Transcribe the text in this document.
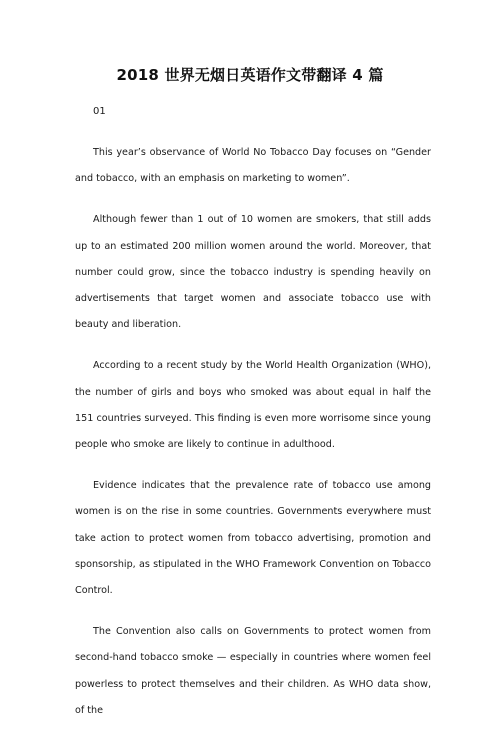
2018 世界无烟日英语作文带翻译 4 篇
01

This year’s observance of World No Tobacco Day focuses on “Gender and tobacco, with an emphasis on marketing to women”.

Although fewer than 1 out of 10 women are smokers, that still adds up to an estimated 200 million women around the world. Moreover, that number could grow, since the tobacco industry is spending heavily on advertisements that target women and associate tobacco use with beauty and liberation.

According to a recent study by the World Health Organization (WHO), the number of girls and boys who smoked was about equal in half the 151 countries surveyed. This finding is even more worrisome since young people who smoke are likely to continue in adulthood.

Evidence indicates that the prevalence rate of tobacco use among women is on the rise in some countries. Governments everywhere must take action to protect women from tobacco advertising, promotion and sponsorship, as stipulated in the WHO Framework Convention on Tobacco Control.

The Convention also calls on Governments to protect women from second-hand tobacco smoke — especially in countries where women feel powerless to protect themselves and their children. As WHO data show, of the
